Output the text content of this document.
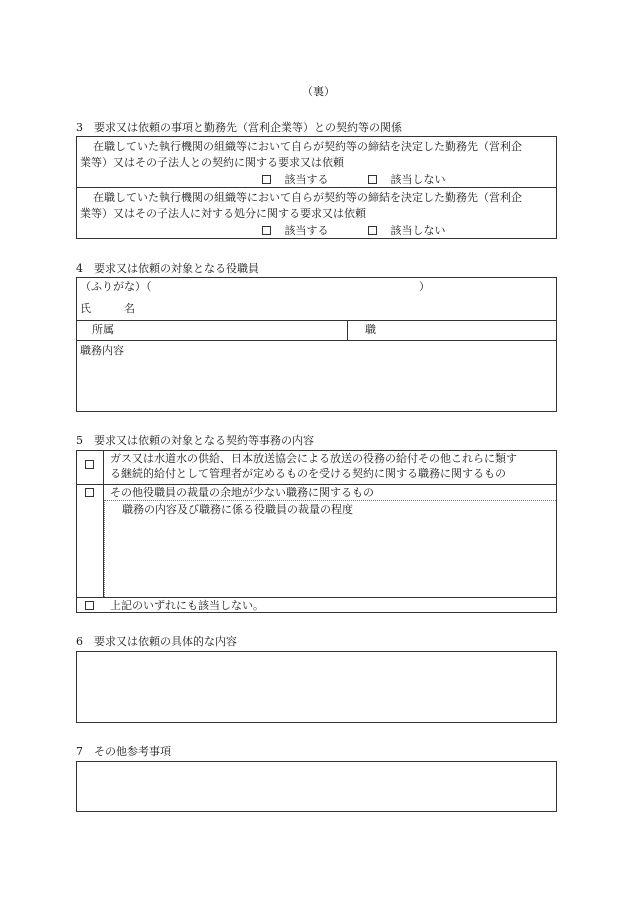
（裏）
3　要求又は依頼の事項と勤務先（営利企業等）との契約等の関係
在職していた執行機関の組織等において自らが契約等の締結を決定した勤務先（営利企
業等）又はその子法人との契約に関する要求又は依頼
該当する	該当しない
在職していた執行機関の組織等において自らが契約等の締結を決定した勤務先（営利企
業等）又はその子法人に対する処分に関する要求又は依頼
該当する	該当しない
4　要求又は依頼の対象となる役職員
（ふりがな）（	）
氏　　　名
所属	職
職務内容
5　要求又は依頼の対象となる契約等事務の内容
ガス又は水道水の供給、日本放送協会による放送の役務の給付その他これらに類す
る継続的給付として管理者が定めるものを受ける契約に関する職務に関するもの
その他役職員の裁量の余地が少ない職務に関するもの
職務の内容及び職務に係る役職員の裁量の程度
上記のいずれにも該当しない。
6　要求又は依頼の具体的な内容
7　その他参考事項
